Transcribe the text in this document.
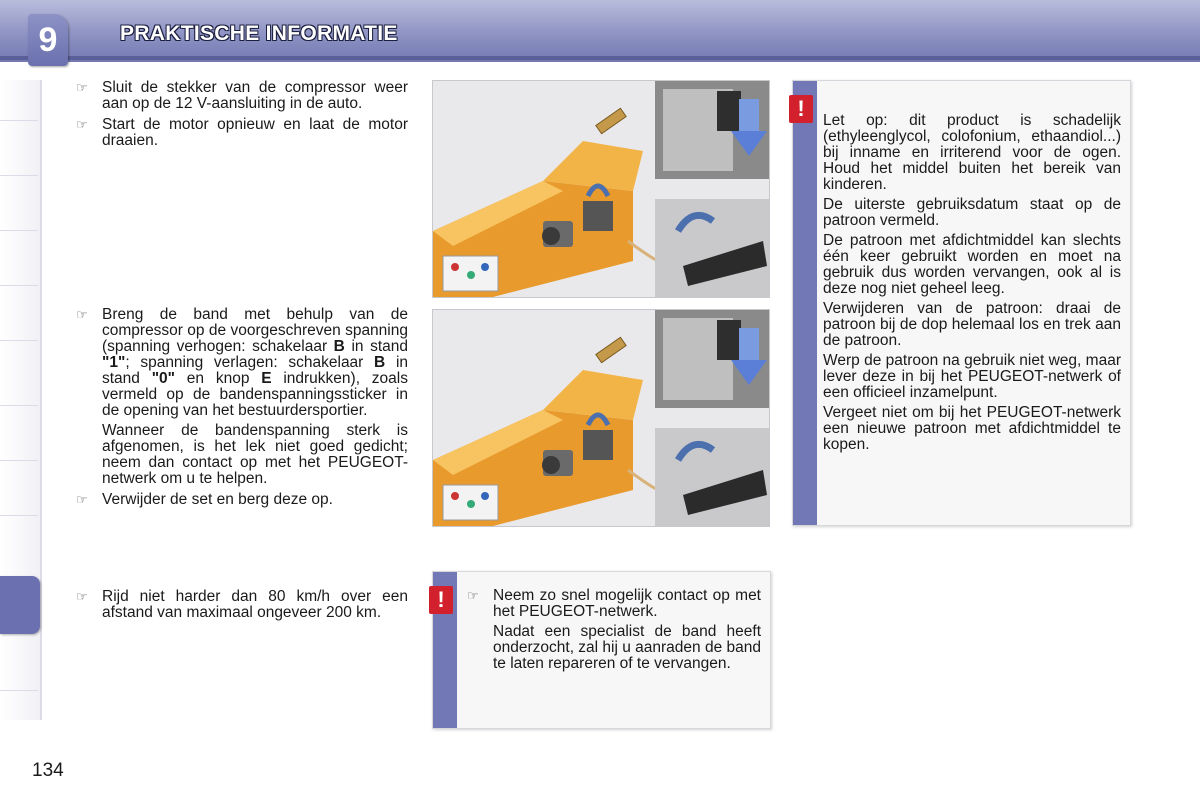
9	PRAKTISCHE INFORMATIE
☞ Sluit de stekker van de compressor weer aan op de 12 V-aansluiting in de auto.
☞ Start de motor opnieuw en laat de motor draaien.
☞ Breng de band met behulp van de compressor op de voorgeschreven spanning (spanning verhogen: schakelaar B in stand "1"; spanning verlagen: schakelaar B in stand "0" en knop E indrukken), zoals vermeld op de bandenspanningssticker in de opening van het bestuurdersportier.

Wanneer de bandenspanning sterk is afgenomen, is het lek niet goed gedicht; neem dan contact op met het PEUGEOT-netwerk om u te helpen.

☞ Verwijder de set en berg deze op.
☞ Rijd niet harder dan 80 km/h over een afstand van maximaal ongeveer 200 km.
!	Let op: dit product is schadelijk (ethyleenglycol, colofonium, ethaandiol...) bij inname en irriterend voor de ogen. Houd het middel buiten het bereik van kinderen.

De uiterste gebruiksdatum staat op de patroon vermeld.

De patroon met afdichtmiddel kan slechts één keer gebruikt worden en moet na gebruik dus worden vervangen, ook al is deze nog niet geheel leeg.

Verwijderen van de patroon: draai de patroon bij de dop helemaal los en trek aan de patroon.

Werp de patroon na gebruik niet weg, maar lever deze in bij het PEUGEOT-netwerk of een officieel inzamelpunt.

Vergeet niet om bij het PEUGEOT-netwerk een nieuwe patroon met afdichtmiddel te kopen.

!	☞ Neem zo snel mogelijk contact op met het PEUGEOT-netwerk.

Nadat een specialist de band heeft onderzocht, zal hij u aanraden de band te laten repareren of te vervangen.

134
